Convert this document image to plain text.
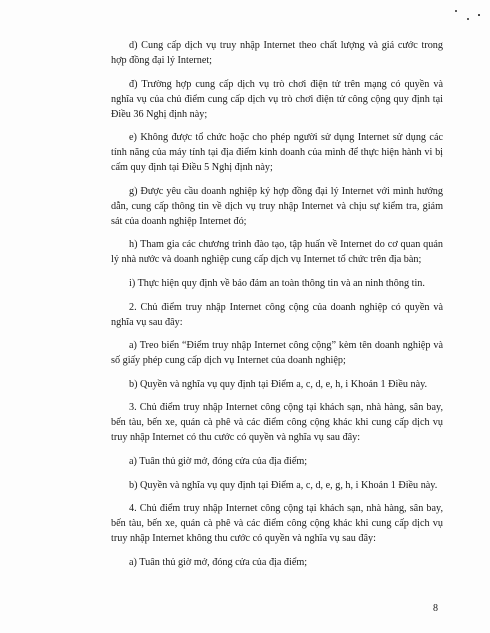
d) Cung cấp dịch vụ truy nhập Internet theo chất lượng và giá cước trong hợp đồng đại lý Internet;

đ) Trường hợp cung cấp dịch vụ trò chơi điện tử trên mạng có quyền và nghĩa vụ của chủ điểm cung cấp dịch vụ trò chơi điện tử công cộng quy định tại Điều 36 Nghị định này;

e) Không được tổ chức hoặc cho phép người sử dụng Internet sử dụng các tính năng của máy tính tại địa điểm kinh doanh của mình để thực hiện hành vi bị cấm quy định tại Điều 5 Nghị định này;

g) Được yêu cầu doanh nghiệp ký hợp đồng đại lý Internet với mình hướng dẫn, cung cấp thông tin về dịch vụ truy nhập Internet và chịu sự kiểm tra, giám sát của doanh nghiệp Internet đó;

h) Tham gia các chương trình đào tạo, tập huấn về Internet do cơ quan quản lý nhà nước và doanh nghiệp cung cấp dịch vụ Internet tổ chức trên địa bàn;

i) Thực hiện quy định về bảo đảm an toàn thông tin và an ninh thông tin.

2. Chủ điểm truy nhập Internet công cộng của doanh nghiệp có quyền và nghĩa vụ sau đây:

a) Treo biển “Điểm truy nhập Internet công cộng” kèm tên doanh nghiệp và số giấy phép cung cấp dịch vụ Internet của doanh nghiệp;

b) Quyền và nghĩa vụ quy định tại Điểm a, c, d, e, h, i Khoản 1 Điều này.

3. Chủ điểm truy nhập Internet công cộng tại khách sạn, nhà hàng, sân bay, bến tàu, bến xe, quán cà phê và các điểm công cộng khác khi cung cấp dịch vụ truy nhập Internet có thu cước có quyền và nghĩa vụ sau đây:

a) Tuân thủ giờ mở, đóng cửa của địa điểm;

b) Quyền và nghĩa vụ quy định tại Điểm a, c, d, e, g, h, i Khoản 1 Điều này.

4. Chủ điểm truy nhập Internet công cộng tại khách sạn, nhà hàng, sân bay, bến tàu, bến xe, quán cà phê và các điểm công cộng khác khi cung cấp dịch vụ truy nhập Internet không thu cước có quyền và nghĩa vụ sau đây:

a) Tuân thủ giờ mở, đóng cửa của địa điểm;

8
